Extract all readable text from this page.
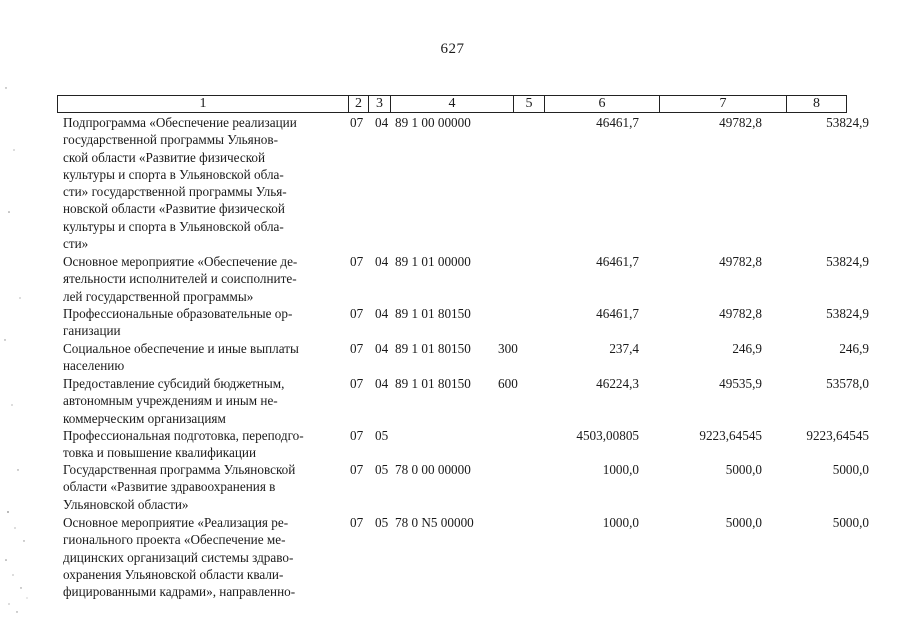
627
1	2	3	4	5	6	7	8
Подпрограмма «Обеспечение реализации
государственной программы Ульянов-
ской области «Развитие физической
культуры и спорта в Ульяновской обла-
сти» государственной программы Улья-
новской области «Развитие физической
культуры и спорта в Ульяновской обла-
сти»
07 04 89 1 00 00000	46461,7	49782,8	53824,9
Основное мероприятие «Обеспечение де-
ятельности исполнителей и соисполните-
лей государственной программы»
07 04 89 1 01 00000	46461,7	49782,8	53824,9
Профессиональные образовательные ор-
ганизации
07 04 89 1 01 80150	46461,7	49782,8	53824,9
Социальное обеспечение и иные выплаты
населению
07 04 89 1 01 80150 300	237,4	246,9	246,9
Предоставление субсидий бюджетным,
автономным учреждениям и иным не-
коммерческим организациям
07 04 89 1 01 80150 600	46224,3	49535,9	53578,0
Профессиональная подготовка, переподго-
товка и повышение квалификации
07 05	4503,00805	9223,64545	9223,64545
Государственная программа Ульяновской
области «Развитие здравоохранения в
Ульяновской области»
07 05 78 0 00 00000	1000,0	5000,0	5000,0
Основное мероприятие «Реализация ре-
гионального проекта «Обеспечение ме-
дицинских организаций системы здраво-
охранения Ульяновской области квали-
фицированными кадрами», направленно-
07 05 78 0 N5 00000	1000,0	5000,0	5000,0
